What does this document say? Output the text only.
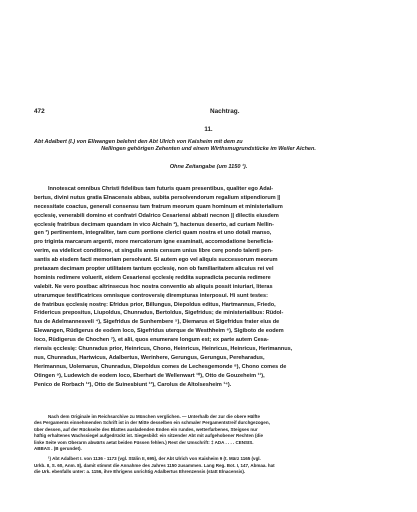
472	Nachtrag.
11.
Abt Adalbert (I.) von Ellwangen belehnt den Abt Ulrich von Kaisheim mit dem zu
Nellingen gehörigen Zehenten und einem Wirthsmugrundstücke im Weiler Aichen.
Ohne Zeitangabe (um 1150 ¹).
Innotescat omnibus Christi fidelibus tam futuris quam presentibus, qualiter ego Adal-
bertus, divini nutus gratia Elnacensis abbas, subita persolvendorum regalium stipendiorum ||
necessitate coactus, generali consensu tam fratrum meorum quam hominum et ministerialium
ęcclesię, venerabili domino et confratri Odalrico Cesariensi abbati necnon || dilectis eiusdem
ęcclesię fratribus decimam quandam in vico Aichain ²), hactenus deserto, ad curiam Nellin-
gen ³) pertinentem, integraliter, tam cum portione clerici quam nostra et uno dotali manso,
pro triginta marcarum argenti, more mercatorum igne examinati, accomodatione beneficia-
verim, ea videlicet conditione, ut singulis annis censum unius libre cerę pondo talenti pen-
santis ab eisdem facti memoriam persolvant. Si autem ego vel aliquis successorum meorum
pretaxam decimam propter utilitatem tantum ęcclesię, non ob familiaritatem alicuius rei vel
hominis redimere voluerit, eidem Cesariensi ęcclesię reddita supradicta pecunia redimere
valebit. Ne vero postbac altrinsecus hoc nostra conventio ab aliquis possit iniuriari, literas
utrarumque testificatrices omnisque controversię dirempturas interposui. Hi sunt testes:
de fratribus ęcclesię nostrę: Efridus prior, Billungus, Diepoldus editus, Hartmannus, Friedo,
Fridericus prepositus, Liupoldus, Chunradus, Bertoldus, Sigefridus; de ministerialibus: Rüdol-
fus de Adelmannesveli ⁴), Sigefridus de Sunhembere ⁵), Diemarus et Sigefridus frater eius de
Elewangen, Rüdigerus de eodem loco, Sigefridus uterque de Westhheim ⁶), Sigiboto de eodem
loco, Rüdigerus de Chochen ⁷), et alii, quos enumerare longum est; ex parte autem Cesa-
riensis ęcclesię: Chunradus prior, Heinricus, Chono, Heinricus, Heinricus, Heinricus, Herimannus,
nus, Chunradus, Hartwicus, Adalbertus, Werinhere, Gerungus, Gerungus, Pereharadus,
Herimannus, Uolemarus, Chunradus, Diepoldus comes de Lechesgemonde ⁸), Chono comes de
Otingen ⁹), Ludewich de eodem loco, Eberhart de Wellenwart ¹⁰), Otto de Gouzeheim ¹¹),
Penico de Rorbach ¹²), Otto de Suinesbiunt ¹³), Carolus de Altolsesheim ¹⁴).
Nach dem Originale im Reichsarchive zu München verglichen. — Unterhalb der zur die obere Hälfte
des Pergaments einnehmenden Schrift ist in der Mitte desselben ein schmaler Pergamentstreif durchgezogen,
über dessen, auf der Rückseite des Blattes ausladenden Enden ein rundes, wetterfarbenes, Steigses nur
häftig erhaltenes Wachssiegel aufgedrückt ist. Siegesbild: ein sitzender Abt mit aufgehobener Rechten (die
linke Seite vom Oberarm abwärts aetat beiden Füssen fehlen.) Rest der Umschrift: ‡ ADA . . . . CENSIS.
ABBAS . (B gerundet).
¹) Abt Adalbert I. von 1136 - 1173 (vgl. Stälin II, 695), der Abt Ulrich von Kaisheim 9 (t. März 1165 (vgl.
Urkb. II, S. 60, Anm. 8), damit stimmt die Annahme des Jahres 1150 zusammen. Lang Reg. Bot. I, 147, Abmaa. hat
die Urk. ebenfalls unter: a. 1156, ihre Ehrigens unrichtig Adalbertus Ehrenzensis (statt Elnacensis).
